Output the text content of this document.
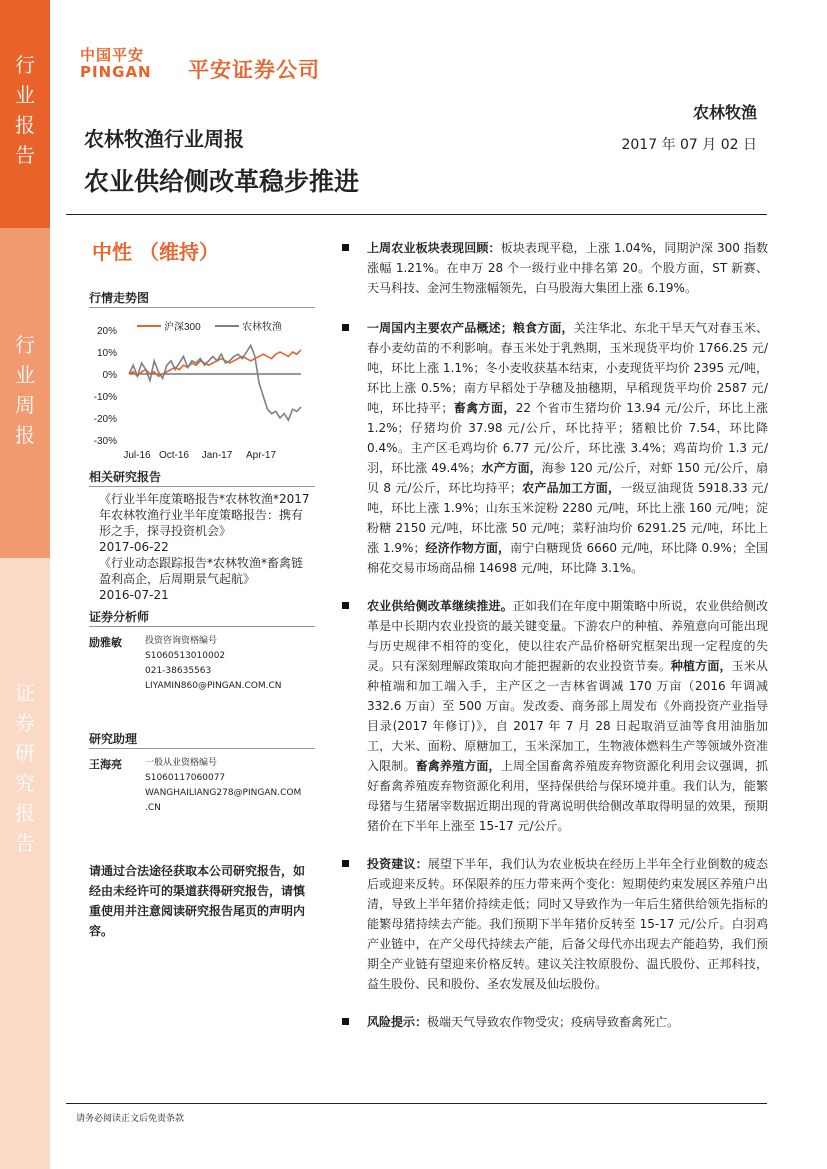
行业报告
行业周报
证券研究报告
中国平安
PINGAN 平安证券公司
农林牧渔
2017 年 07 月 02 日
农林牧渔行业周报
农业供给侧改革稳步推进
中性 （维持）
行情走势图
20%
10%
0%
-10%
-20%
-30%
沪深300	农林牧渔
Jul-16 Oct-16 Jan-17 Apr-17
相关研究报告
《行业半年度策略报告*农林牧渔*2017年农林牧渔行业半年度策略报告：携有形之手，探寻投资机会》
2017-06-22
《行业动态跟踪报告*农林牧渔*畜禽链盈利高企，后周期景气起航》
2016-07-21
证券分析师
励雅敏	投资咨询资格编号
S1060513010002
021-38635563
LIYAMIN860@PINGAN.COM.CN
研究助理
王海亮	一般从业资格编号
S1060117060077
WANGHAILIANG278@PINGAN.COM
.CN
请通过合法途径获取本公司研究报告，如经由未经许可的渠道获得研究报告，请慎重使用并注意阅读研究报告尾页的声明内容。
上周农业板块表现回顾：板块表现平稳，上涨 1.04%，同期沪深 300 指数涨幅 1.21%。在申万 28 个一级行业中排名第 20。个股方面，ST 新赛、天马科技、金河生物涨幅领先，白马股海大集团上涨 6.19%。
一周国内主要农产品概述；粮食方面，关注华北、东北干旱天气对春玉米、春小麦幼苗的不利影响。春玉米处于乳熟期，玉米现货平均价 1766.25 元/吨，环比上涨 1.1%；冬小麦收获基本结束，小麦现货平均价 2395 元/吨，环比上涨 0.5%；南方早稻处于孕穗及抽穗期，早稻现货平均价 2587 元/吨，环比持平；畜禽方面，22 个省市生猪均价 13.94 元/公斤，环比上涨 1.2%；仔猪均价 37.98 元/公斤，环比持平；猪粮比价 7.54，环比降 0.4%。主产区毛鸡均价 6.77 元/公斤，环比涨 3.4%；鸡苗均价 1.3 元/羽，环比涨 49.4%；水产方面，海参 120 元/公斤，对虾 150 元/公斤，扇贝 8 元/公斤，环比均持平；农产品加工方面，一级豆油现货 5918.33 元/吨，环比上涨 1.9%；山东玉米淀粉 2280 元/吨，环比上涨 160 元/吨；淀粉糖 2150 元/吨，环比涨 50 元/吨；菜籽油均价 6291.25 元/吨，环比上涨 1.9%；经济作物方面，南宁白糖现货 6660 元/吨，环比降 0.9%；全国棉花交易市场商品棉 14698 元/吨，环比降 3.1%。
农业供给侧改革继续推进。正如我们在年度中期策略中所说，农业供给侧改革是中长期内农业投资的最关键变量。下游农户的种植、养殖意向可能出现与历史规律不相符的变化，使以往农产品价格研究框架出现一定程度的失灵。只有深刻理解政策取向才能把握新的农业投资节奏。种植方面，玉米从种植端和加工端入手，主产区之一吉林省调减 170 万亩（2016 年调减 332.6 万亩）至 500 万亩。发改委、商务部上周发布《外商投资产业指导目录(2017 年修订)》，自 2017 年 7 月 28 日起取消豆油等食用油脂加工，大米、面粉、原糖加工，玉米深加工，生物液体燃料生产等领域外资准入限制。畜禽养殖方面，上周全国畜禽养殖废弃物资源化利用会议强调，抓好畜禽养殖废弃物资源化利用，坚持保供给与保环境并重。我们认为，能繁母猪与生猪屠宰数据近期出现的背离说明供给侧改革取得明显的效果，预期猪价在下半年上涨至 15-17 元/公斤。
投资建议：展望下半年，我们认为农业板块在经历上半年全行业倒数的疲态后或迎来反转。环保限养的压力带来两个变化：短期使约束发展区养殖户出清，导致上半年猪价持续走低；同时又导致作为一年后生猪供给领先指标的能繁母猪持续去产能。我们预期下半年猪价反转至 15-17 元/公斤。白羽鸡产业链中，在产父母代持续去产能，后备父母代亦出现去产能趋势，我们预期全产业链有望迎来价格反转。建议关注牧原股份、温氏股份、正邦科技，益生股份、民和股份、圣农发展及仙坛股份。
风险提示：极端天气导致农作物受灾；疫病导致畜禽死亡。
请务必阅读正文后免责条款
